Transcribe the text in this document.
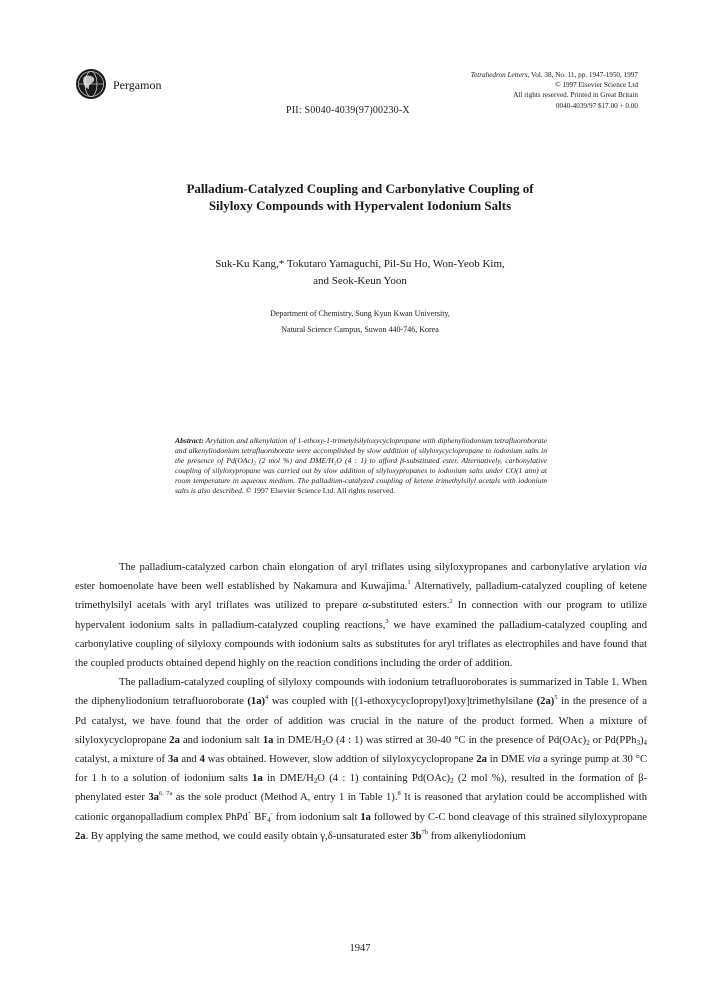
Pergamon
Tetrahedron Letters, Vol. 38, No. 11, pp. 1947-1950, 1997
© 1997 Elsevier Science Ltd
All rights reserved. Printed in Great Britain
0040-4039/97 $17.00 + 0.00
PII: S0040-4039(97)00230-X
Palladium-Catalyzed Coupling and Carbonylative Coupling of
Silyloxy Compounds with Hypervalent Iodonium Salts
Suk-Ku Kang,* Tokutaro Yamaguchi, Pil-Su Ho, Won-Yeob Kim,
and Seok-Keun Yoon
Department of Chemistry, Sung Kyun Kwan University,
Natural Science Campus, Suwon 440-746, Korea
Abstract: Arylation and alkenylation of 1-ethoxy-1-trimetylsilyloxycyclopropane with diphenyliodonium tetrafluoroborate and alkenyliodonium tetrafluoroborate were accomplished by slow addition of silyloxycyclopropane to iodonium salts in the presence of Pd(OAc)₂ (2 mol %) and DME/H₂O (4 : 1) to afford β-substituted ester. Alternatively, carbonylative coupling of silyloxypropane was carried out by slow addition of silyloxypropanes to iodonium salts under CO(1 atm) at room temperature in aqueous medium. The palladium-catalyzed coupling of ketene trimethylsilyl acetals with iodonium salts is also described. © 1997 Elsevier Science Ltd. All rights reserved.

The palladium-catalyzed carbon chain elongation of aryl triflates using silyloxypropanes and carbonylative arylation via ester homoenolate have been well established by Nakamura and Kuwajima.$^1$ Alternatively, palladium-catalyzed coupling of ketene trimethylsilyl acetals with aryl triflates was utilized to prepare α-substituted esters.$^2$ In connection with our program to utilize hypervalent iodonium salts in palladium-catalyzed coupling reactions,$^3$ we have examined the palladium-catalyzed coupling and carbonylative coupling of silyloxy compounds with iodonium salts as substitutes for aryl triflates as electrophiles and have found that the coupled products obtained depend highly on the reaction conditions including the order of addition.

The palladium-catalyzed coupling of silyloxy compounds with iodonium tetrafluoroborates is summarized in Table 1. When the diphenyliodonium tetrafluoroborate $(1a)^4$ was coupled with [(1-ethoxycyclopropyl)oxy]trimethylsilane $(2a)^5$ in the presence of a Pd catalyst, we have found that the order of addition was crucial in the nature of the product formed. When a mixture of silyloxycyclopropane 2a and iodonium salt 1a in DME/$H_2O$ (4 : 1) was stirred at 30-40 °C in the presence of $Pd(OAc)_2$ or $Pd(PPh_3)_4$ catalyst, a mixture of 3a and 4 was obtained. However, slow addtion of silyloxycyclopropane 2a in DME via a syringe pump at 30 °C for 1 h to a solution of iodonium salts 1a in DME/$H_2O$ (4 : 1) containing $Pd(OAc)_2$ (2 mol %), resulted in the formation of β-phenylated ester $3a^{6, 7a}$ as the sole product (Method A, entry 1 in Table 1).$^8$ It is reasoned that arylation could be accomplished with cationic organopalladium complex PhPd+ $BF_4^-$ from iodonium salt 1a followed by C-C bond cleavage of this strained silyloxypropane 2a. By applying the same method, we could easily obtain γ,δ-unsaturated ester $3b^{7b}$ from alkenyliodonium

1947
